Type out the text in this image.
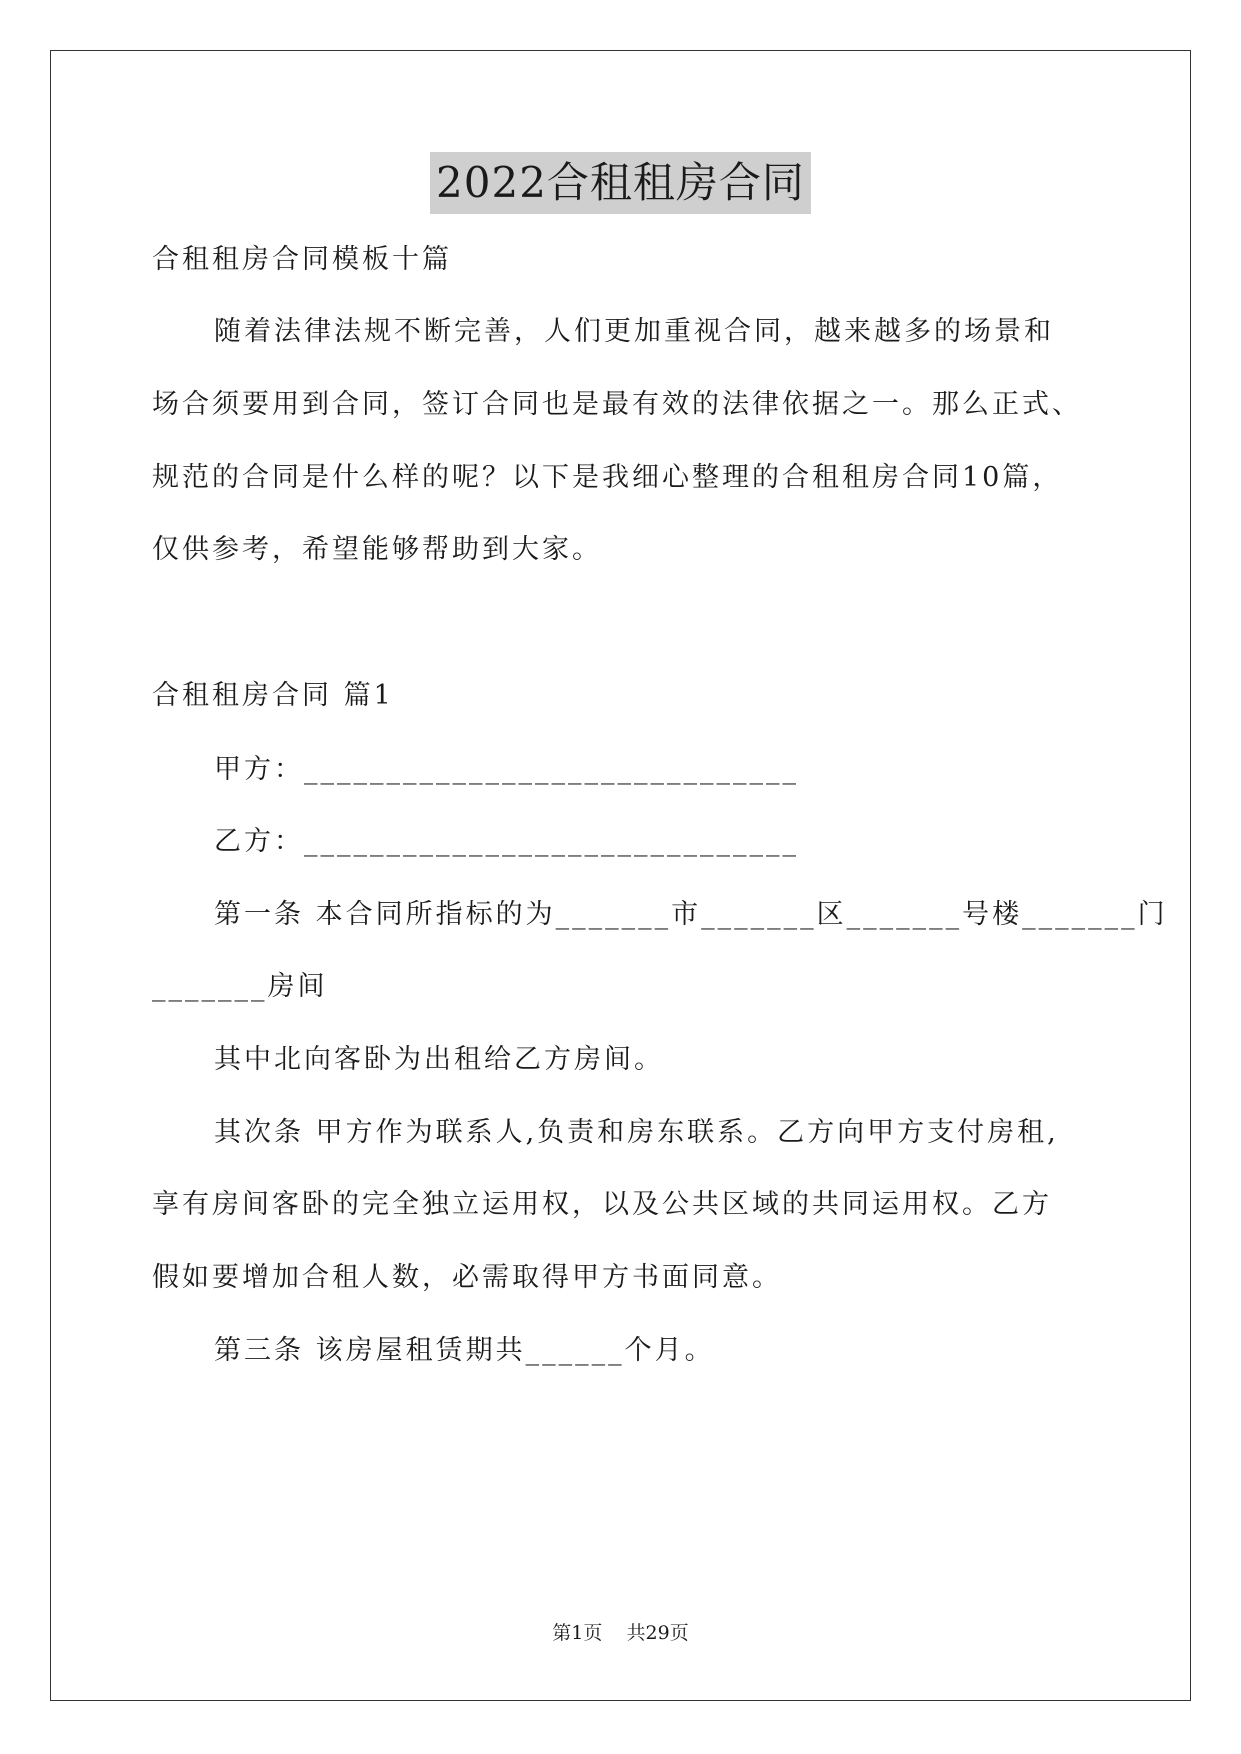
2022合租租房合同
合租租房合同模板十篇
随着法律法规不断完善，人们更加重视合同，越来越多的场景和
场合须要用到合同，签订合同也是最有效的法律依据之一。那么正式、
规范的合同是什么样的呢？以下是我细心整理的合租租房合同10篇，
仅供参考，希望能够帮助到大家。
合租租房合同 篇1
甲方：______________________________
乙方：______________________________
第一条 本合同所指标的为_______市_______区_______号楼_______门
_______房间
其中北向客卧为出租给乙方房间。
其次条 甲方作为联系人,负责和房东联系。乙方向甲方支付房租,
享有房间客卧的完全独立运用权，以及公共区域的共同运用权。乙方
假如要增加合租人数，必需取得甲方书面同意。
第三条 该房屋租赁期共______个月。
第1页    共29页
